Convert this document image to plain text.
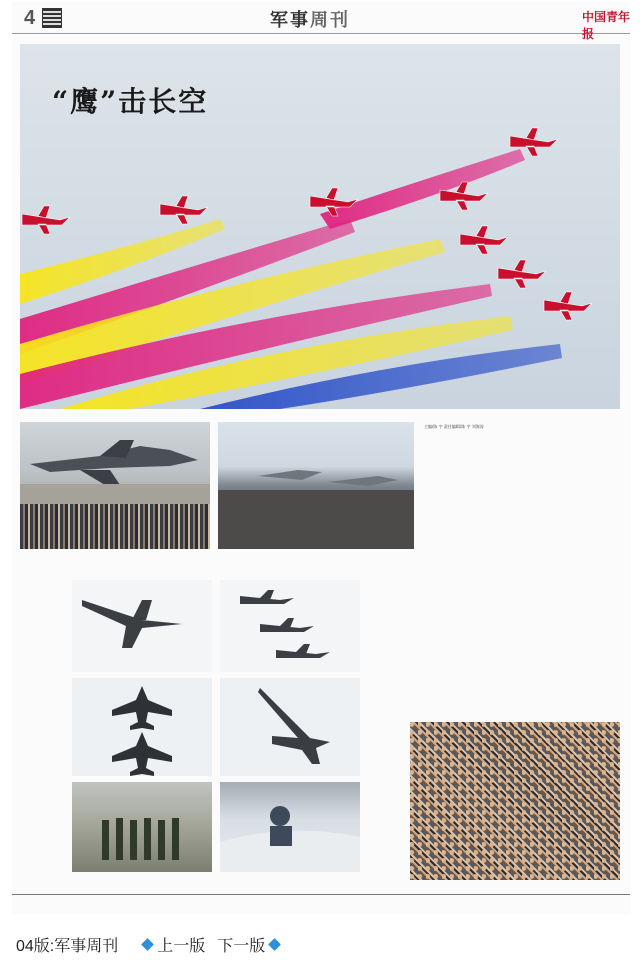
4	军事周刊	中国青年报
“鹰”击长空
主编/陈 宇 责任编辑/陈 宇 刘海涛
04版:军事周刊 上一版 下一版
